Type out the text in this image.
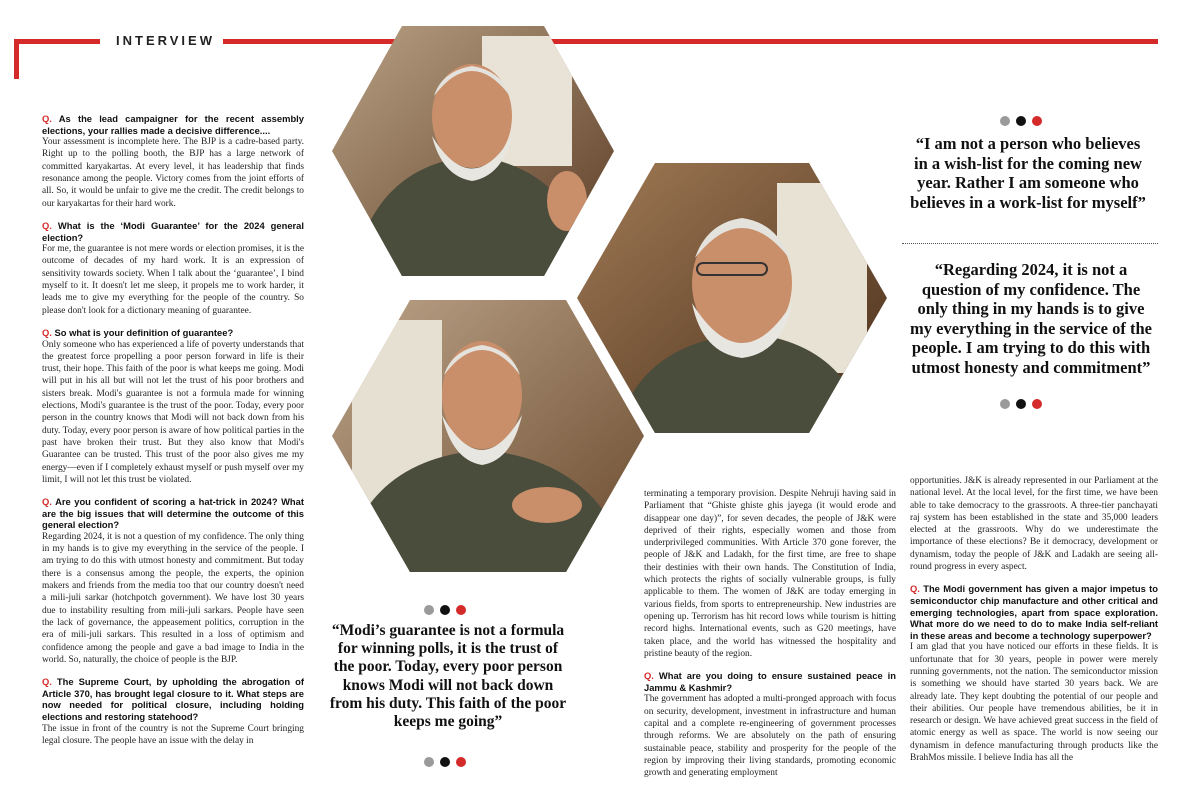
INTERVIEW
Q. As the lead campaigner for the recent assembly elections, your rallies made a decisive difference....

Your assessment is incomplete here. The BJP is a cadre-based party. Right up to the polling booth, the BJP has a large network of committed karyakartas. At every level, it has leadership that finds resonance among the people. Victory comes from the joint efforts of all. So, it would be unfair to give me the credit. The credit belongs to our karyakartas for their hard work.

Q. What is the ‘Modi Guarantee’ for the 2024 general election?

For me, the guarantee is not mere words or election promises, it is the outcome of decades of my hard work. It is an expression of sensitivity towards society. When I talk about the ‘guarantee’, I bind myself to it. It doesn't let me sleep, it propels me to work harder, it leads me to give my everything for the people of the country. So please don't look for a dictionary meaning of guarantee.

Q. So what is your definition of guarantee?

Only someone who has experienced a life of poverty understands that the greatest force propelling a poor person forward in life is their trust, their hope. This faith of the poor is what keeps me going. Modi will put in his all but will not let the trust of his poor brothers and sisters break. Modi's guarantee is not a formula made for winning elections, Modi's guarantee is the trust of the poor. Today, every poor person in the country knows that Modi will not back down from his duty. Today, every poor person is aware of how political parties in the past have broken their trust. But they also know that Modi's Guarantee can be trusted. This trust of the poor also gives me my energy—even if I completely exhaust myself or push myself over my limit, I will not let this trust be violated.

Q. Are you confident of scoring a hat-trick in 2024? What are the big issues that will determine the outcome of this general election?

Regarding 2024, it is not a question of my confidence. The only thing in my hands is to give my everything in the service of the people. I am trying to do this with utmost honesty and commitment. But today there is a consensus among the people, the experts, the opinion makers and friends from the media too that our country doesn't need a mili-juli sarkar (hotchpotch government). We have lost 30 years due to instability resulting from mili-juli sarkars. People have seen the lack of governance, the appeasement politics, corruption in the era of mili-juli sarkars. This resulted in a loss of optimism and confidence among the people and gave a bad image to India in the world. So, naturally, the choice of people is the BJP.

Q. The Supreme Court, by upholding the abrogation of Article 370, has brought legal closure to it. What steps are now needed for political closure, including holding elections and restoring statehood?

The issue in front of the country is not the Supreme Court bringing legal closure. The people have an issue with the delay in

“I am not a person who believes in a wish-list for the coming new year. Rather I am someone who believes in a work-list for myself”
“Regarding 2024, it is not a question of my confidence. The only thing in my hands is to give my everything in the service of the people. I am trying to do this with utmost honesty and commitment”
“Modi’s guarantee is not a formula for winning polls, it is the trust of the poor. Today, every poor person knows Modi will not back down from his duty. This faith of the poor keeps me going”

terminating a temporary provision. Despite Nehruji having said in Parliament that “Ghiste ghiste ghis jayega (it would erode and disappear one day)”, for seven decades, the people of J&K were deprived of their rights, especially women and those from underprivileged communities. With Article 370 gone forever, the people of J&K and Ladakh, for the first time, are free to shape their destinies with their own hands. The Constitution of India, which protects the rights of socially vulnerable groups, is fully applicable to them. The women of J&K are today emerging in various fields, from sports to entrepreneurship. New industries are opening up. Terrorism has hit record lows while tourism is hitting record highs. International events, such as G20 meetings, have taken place, and the world has witnessed the hospitality and pristine beauty of the region.

Q. What are you doing to ensure sustained peace in Jammu & Kashmir?

The government has adopted a multi-pronged approach with focus on security, development, investment in infrastructure and human capital and a complete re-engineering of government processes through reforms. We are absolutely on the path of ensuring sustainable peace, stability and prosperity for the people of the region by improving their living standards, promoting economic growth and generating employment

opportunities. J&K is already represented in our Parliament at the national level. At the local level, for the first time, we have been able to take democracy to the grassroots. A three-tier panchayati raj system has been established in the state and 35,000 leaders elected at the grassroots. Why do we underestimate the importance of these elections? Be it democracy, development or dynamism, today the people of J&K and Ladakh are seeing all-round progress in every aspect.

Q. The Modi government has given a major impetus to semiconductor chip manufacture and other critical and emerging technologies, apart from space exploration. What more do we need to do to make India self-reliant in these areas and become a technology superpower?

I am glad that you have noticed our efforts in these fields. It is unfortunate that for 30 years, people in power were merely running governments, not the nation. The semiconductor mission is something we should have started 30 years back. We are already late. They kept doubting the potential of our people and their abilities. Our people have tremendous abilities, be it in research or design. We have achieved great success in the field of atomic energy as well as space. The world is now seeing our dynamism in defence manufacturing through products like the BrahMos missile. I believe India has all the
